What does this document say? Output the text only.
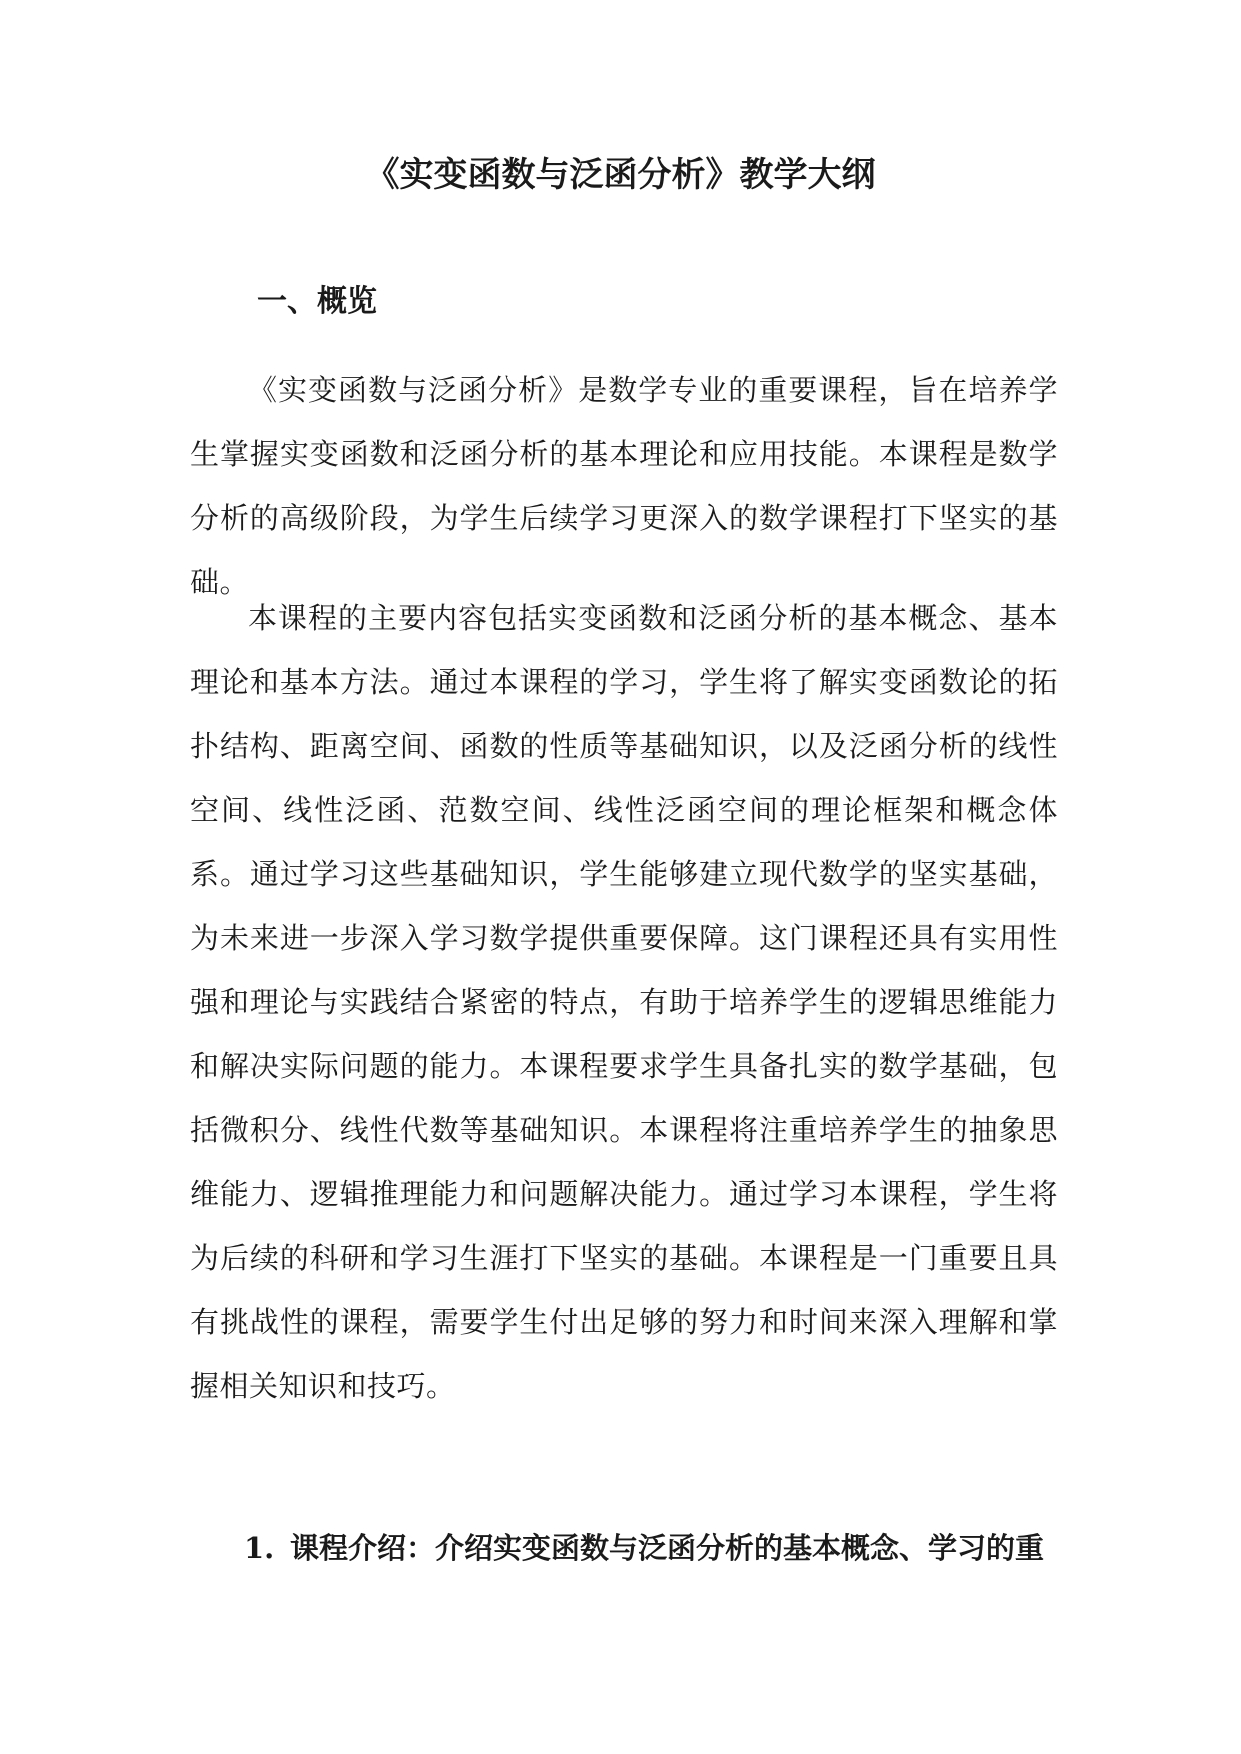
《实变函数与泛函分析》教学大纲
一、概览

《实变函数与泛函分析》是数学专业的重要课程，旨在培养学生掌握实变函数和泛函分析的基本理论和应用技能。本课程是数学分析的高级阶段，为学生后续学习更深入的数学课程打下坚实的基础。

本课程的主要内容包括实变函数和泛函分析的基本概念、基本理论和基本方法。通过本课程的学习，学生将了解实变函数论的拓扑结构、距离空间、函数的性质等基础知识，以及泛函分析的线性空间、线性泛函、范数空间、线性泛函空间的理论框架和概念体系。通过学习这些基础知识，学生能够建立现代数学的坚实基础，为未来进一步深入学习数学提供重要保障。这门课程还具有实用性强和理论与实践结合紧密的特点，有助于培养学生的逻辑思维能力和解决实际问题的能力。本课程要求学生具备扎实的数学基础，包括微积分、线性代数等基础知识。本课程将注重培养学生的抽象思维能力、逻辑推理能力和问题解决能力。通过学习本课程，学生将为后续的科研和学习生涯打下坚实的基础。本课程是一门重要且具有挑战性的课程，需要学生付出足够的努力和时间来深入理解和掌握相关知识和技巧。

1. 课程介绍：介绍实变函数与泛函分析的基本概念、学习的重
